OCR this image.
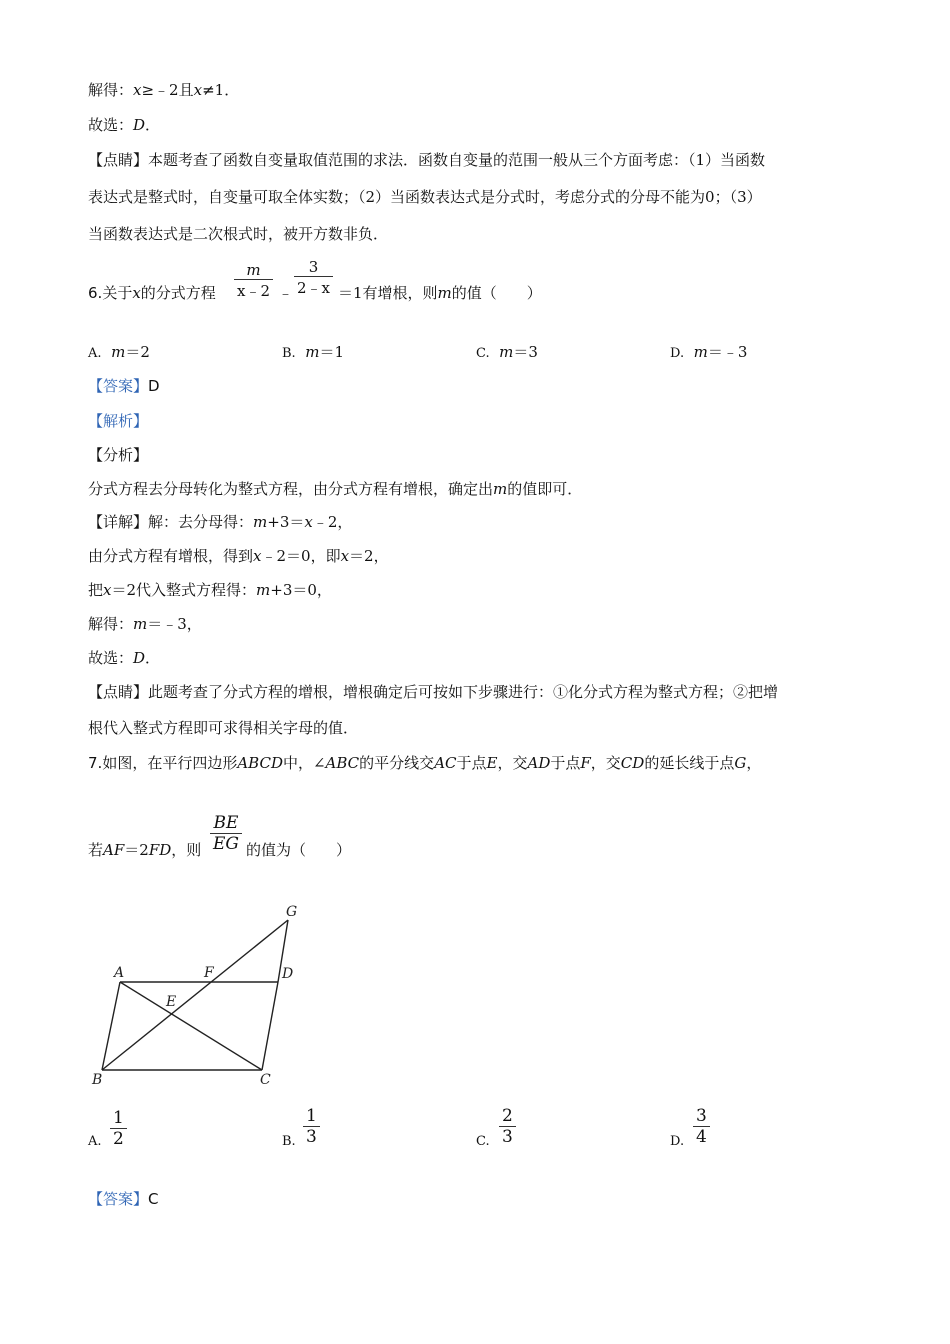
解得：x≥﹣2且x≠1．
故选：D．
【点睛】本题考查了函数自变量取值范围的求法．函数自变量的范围一般从三个方面考虑：（1）当函数
表达式是整式时，自变量可取全体实数；（2）当函数表达式是分式时，考虑分式的分母不能为0；（3）
当函数表达式是二次根式时，被开方数非负．
6.关于x的分式方程
m
x﹣2 ﹣
3
2﹣x ＝1有增根，则m的值（　　）
A. m＝2	B. m＝1	C. m＝3	D. m＝﹣3
【答案】D
【解析】
【分析】
分式方程去分母转化为整式方程，由分式方程有增根，确定出m的值即可．
【详解】解：去分母得：m+3＝x﹣2，
由分式方程有增根，得到x﹣2＝0，即x＝2，
把x＝2代入整式方程得：m+3＝0，
解得：m＝﹣3，
故选：D．
【点睛】此题考查了分式方程的增根，增根确定后可按如下步骤进行：①化分式方程为整式方程；②把增
根代入整式方程即可求得相关字母的值．
7.如图，在平行四边形ABCD中，∠ABC的平分线交AC于点E，交AD于点F，交CD的延长线于点G，
若AF＝2FD，则
BE
EG 的值为（　　）
A
B	C
D
E
F
G
A.
1
2	B.
1
3	C.
2
3	D.
3
4
【答案】C
